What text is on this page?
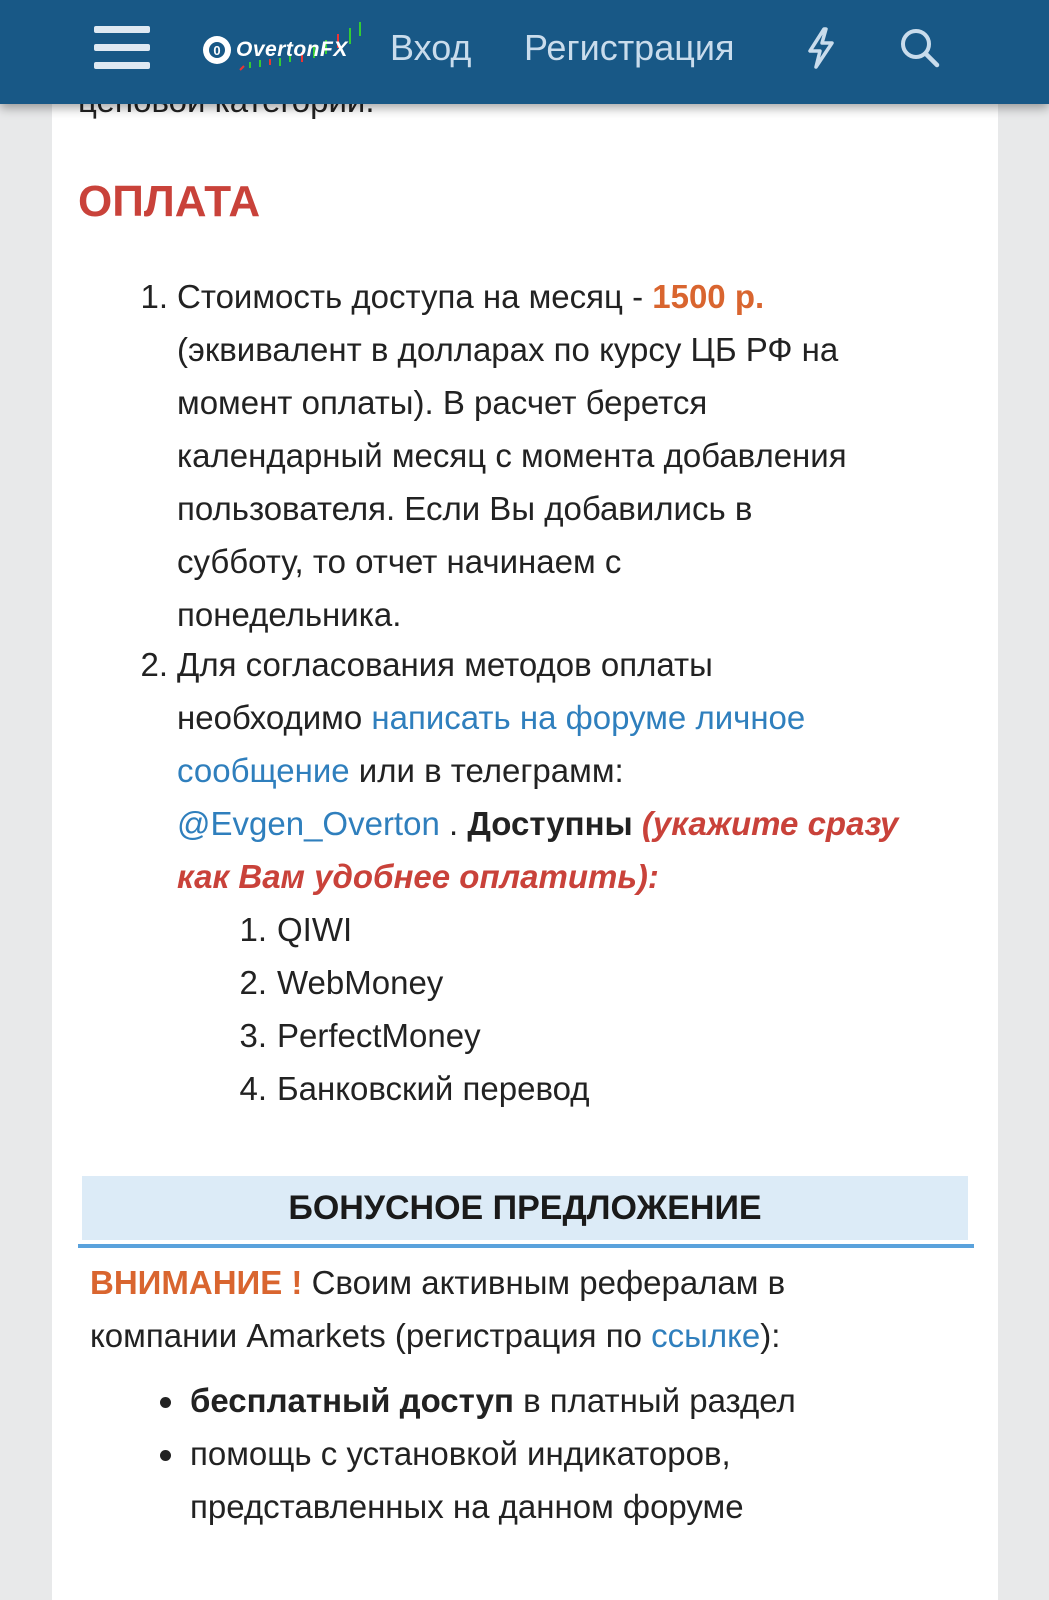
0 OvertonFX Вход Регистрация
ОПЛАТА
1. Стоимость доступа на месяц - 1500 р.
(эквивалент в долларах по курсу ЦБ РФ на
момент оплаты). В расчет берется
календарный месяц с момента добавления
пользователя. Если Вы добавились в
субботу, то отчет начинаем с
понедельника.
2. Для согласования методов оплаты
необходимо написать на форуме личное
сообщение или в телеграмм:
@Evgen_Overton . Доступны (укажите сразу
как Вам удобнее оплатить):
1. QIWI
2. WebMoney
3. PerfectMoney
4. Банковский перевод
БОНУСНОЕ ПРЕДЛОЖЕНИЕ
ВНИМАНИЕ ! Своим активным рефералам в
компании Amarkets (регистрация по ссылке):
бесплатный доступ в платный раздел
помощь с установкой индикаторов,
представленных на данном форуме
